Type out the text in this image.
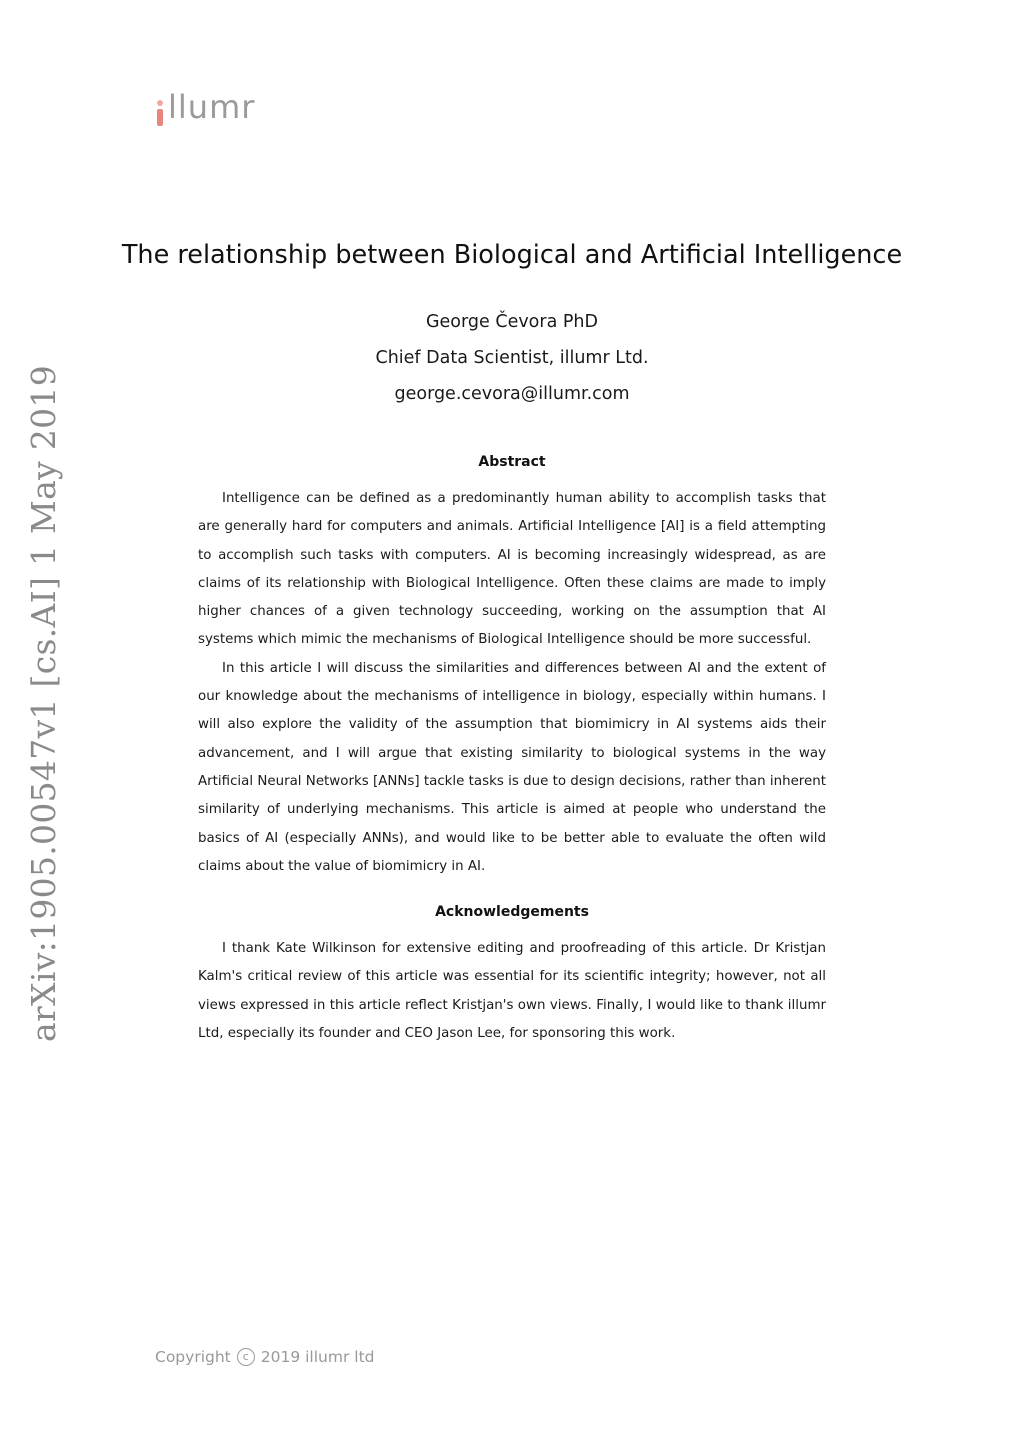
llumr
arXiv:1905.00547v1 [cs.AI] 1 May 2019
The relationship between Biological and Artificial Intelligence
George Čevora PhD
Chief Data Scientist, illumr Ltd.
george.cevora@illumr.com
Abstract

Intelligence can be defined as a predominantly human ability to accomplish tasks that are generally hard for computers and animals. Artificial Intelligence [AI] is a field attempting to accomplish such tasks with computers. AI is becoming increasingly widespread, as are claims of its relationship with Biological Intelligence. Often these claims are made to imply higher chances of a given technology succeeding, working on the assumption that AI systems which mimic the mechanisms of Biological Intelligence should be more successful.

In this article I will discuss the similarities and differences between AI and the extent of our knowledge about the mechanisms of intelligence in biology, especially within humans. I will also explore the validity of the assumption that biomimicry in AI systems aids their advancement, and I will argue that existing similarity to biological systems in the way Artificial Neural Networks [ANNs] tackle tasks is due to design decisions, rather than inherent similarity of underlying mechanisms. This article is aimed at people who understand the basics of AI (especially ANNs), and would like to be better able to evaluate the often wild claims about the value of biomimicry in AI.

Acknowledgements

I thank Kate Wilkinson for extensive editing and proofreading of this article. Dr Kristjan Kalm's critical review of this article was essential for its scientific integrity; however, not all views expressed in this article reflect Kristjan's own views. Finally, I would like to thank illumr Ltd, especially its founder and CEO Jason Lee, for sponsoring this work.

Copyright	c 2019 illumr ltd
